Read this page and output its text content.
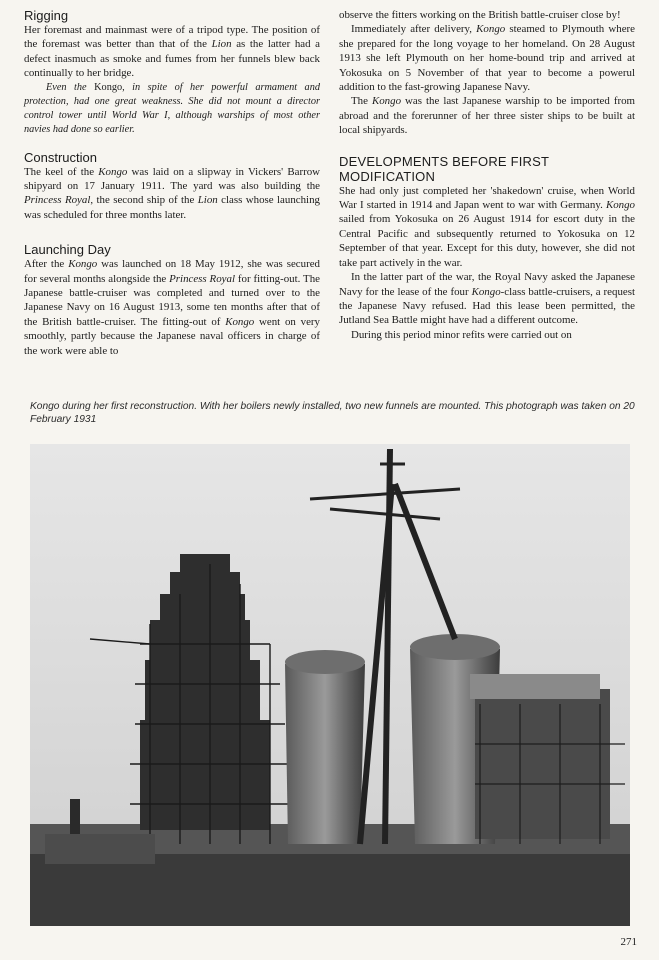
Rigging

Her foremast and mainmast were of a tripod type. The position of the foremast was better than that of the Lion as the latter had a defect inasmuch as smoke and fumes from her funnels blew back continually to her bridge.

Even the Kongo, in spite of her powerful armament and protection, had one great weakness. She did not mount a director control tower until World War I, although warships of most other navies had done so earlier.

Construction

The keel of the Kongo was laid on a slipway in Vickers' Barrow shipyard on 17 January 1911. The yard was also building the Princess Royal, the second ship of the Lion class whose launching was scheduled for three months later.

Launching Day

After the Kongo was launched on 18 May 1912, she was secured for several months alongside the Princess Royal for fitting-out. The Japanese battle-cruiser was completed and turned over to the Japanese Navy on 16 August 1913, some ten months after that of the British battle-cruiser. The fitting-out of Kongo went on very smoothly, partly because the Japanese naval officers in charge of the work were able to

observe the fitters working on the British battle-cruiser close by!

Immediately after delivery, Kongo steamed to Plymouth where she prepared for the long voyage to her homeland. On 28 August 1913 she left Plymouth on her home-bound trip and arrived at Yokosuka on 5 November of that year to become a powerul addition to the fast-growing Japanese Navy.

The Kongo was the last Japanese warship to be imported from abroad and the forerunner of her three sister ships to be built at local shipyards.

DEVELOPMENTS BEFORE FIRST
MODIFICATION

She had only just completed her 'shakedown' cruise, when World War I started in 1914 and Japan went to war with Germany. Kongo sailed from Yokosuka on 26 August 1914 for escort duty in the Central Pacific and subsequently returned to Yokosuka on 12 September of that year. Except for this duty, however, she did not take part actively in the war.

In the latter part of the war, the Royal Navy asked the Japanese Navy for the lease of the four Kongo-class battle-cruisers, a request the Japanese Navy refused. Had this lease been permitted, the Jutland Sea Battle might have had a different outcome.

During this period minor refits were carried out on

Kongo during her first reconstruction. With her boilers newly installed, two new funnels are mounted. This photograph was taken on 20 February 1931
271
